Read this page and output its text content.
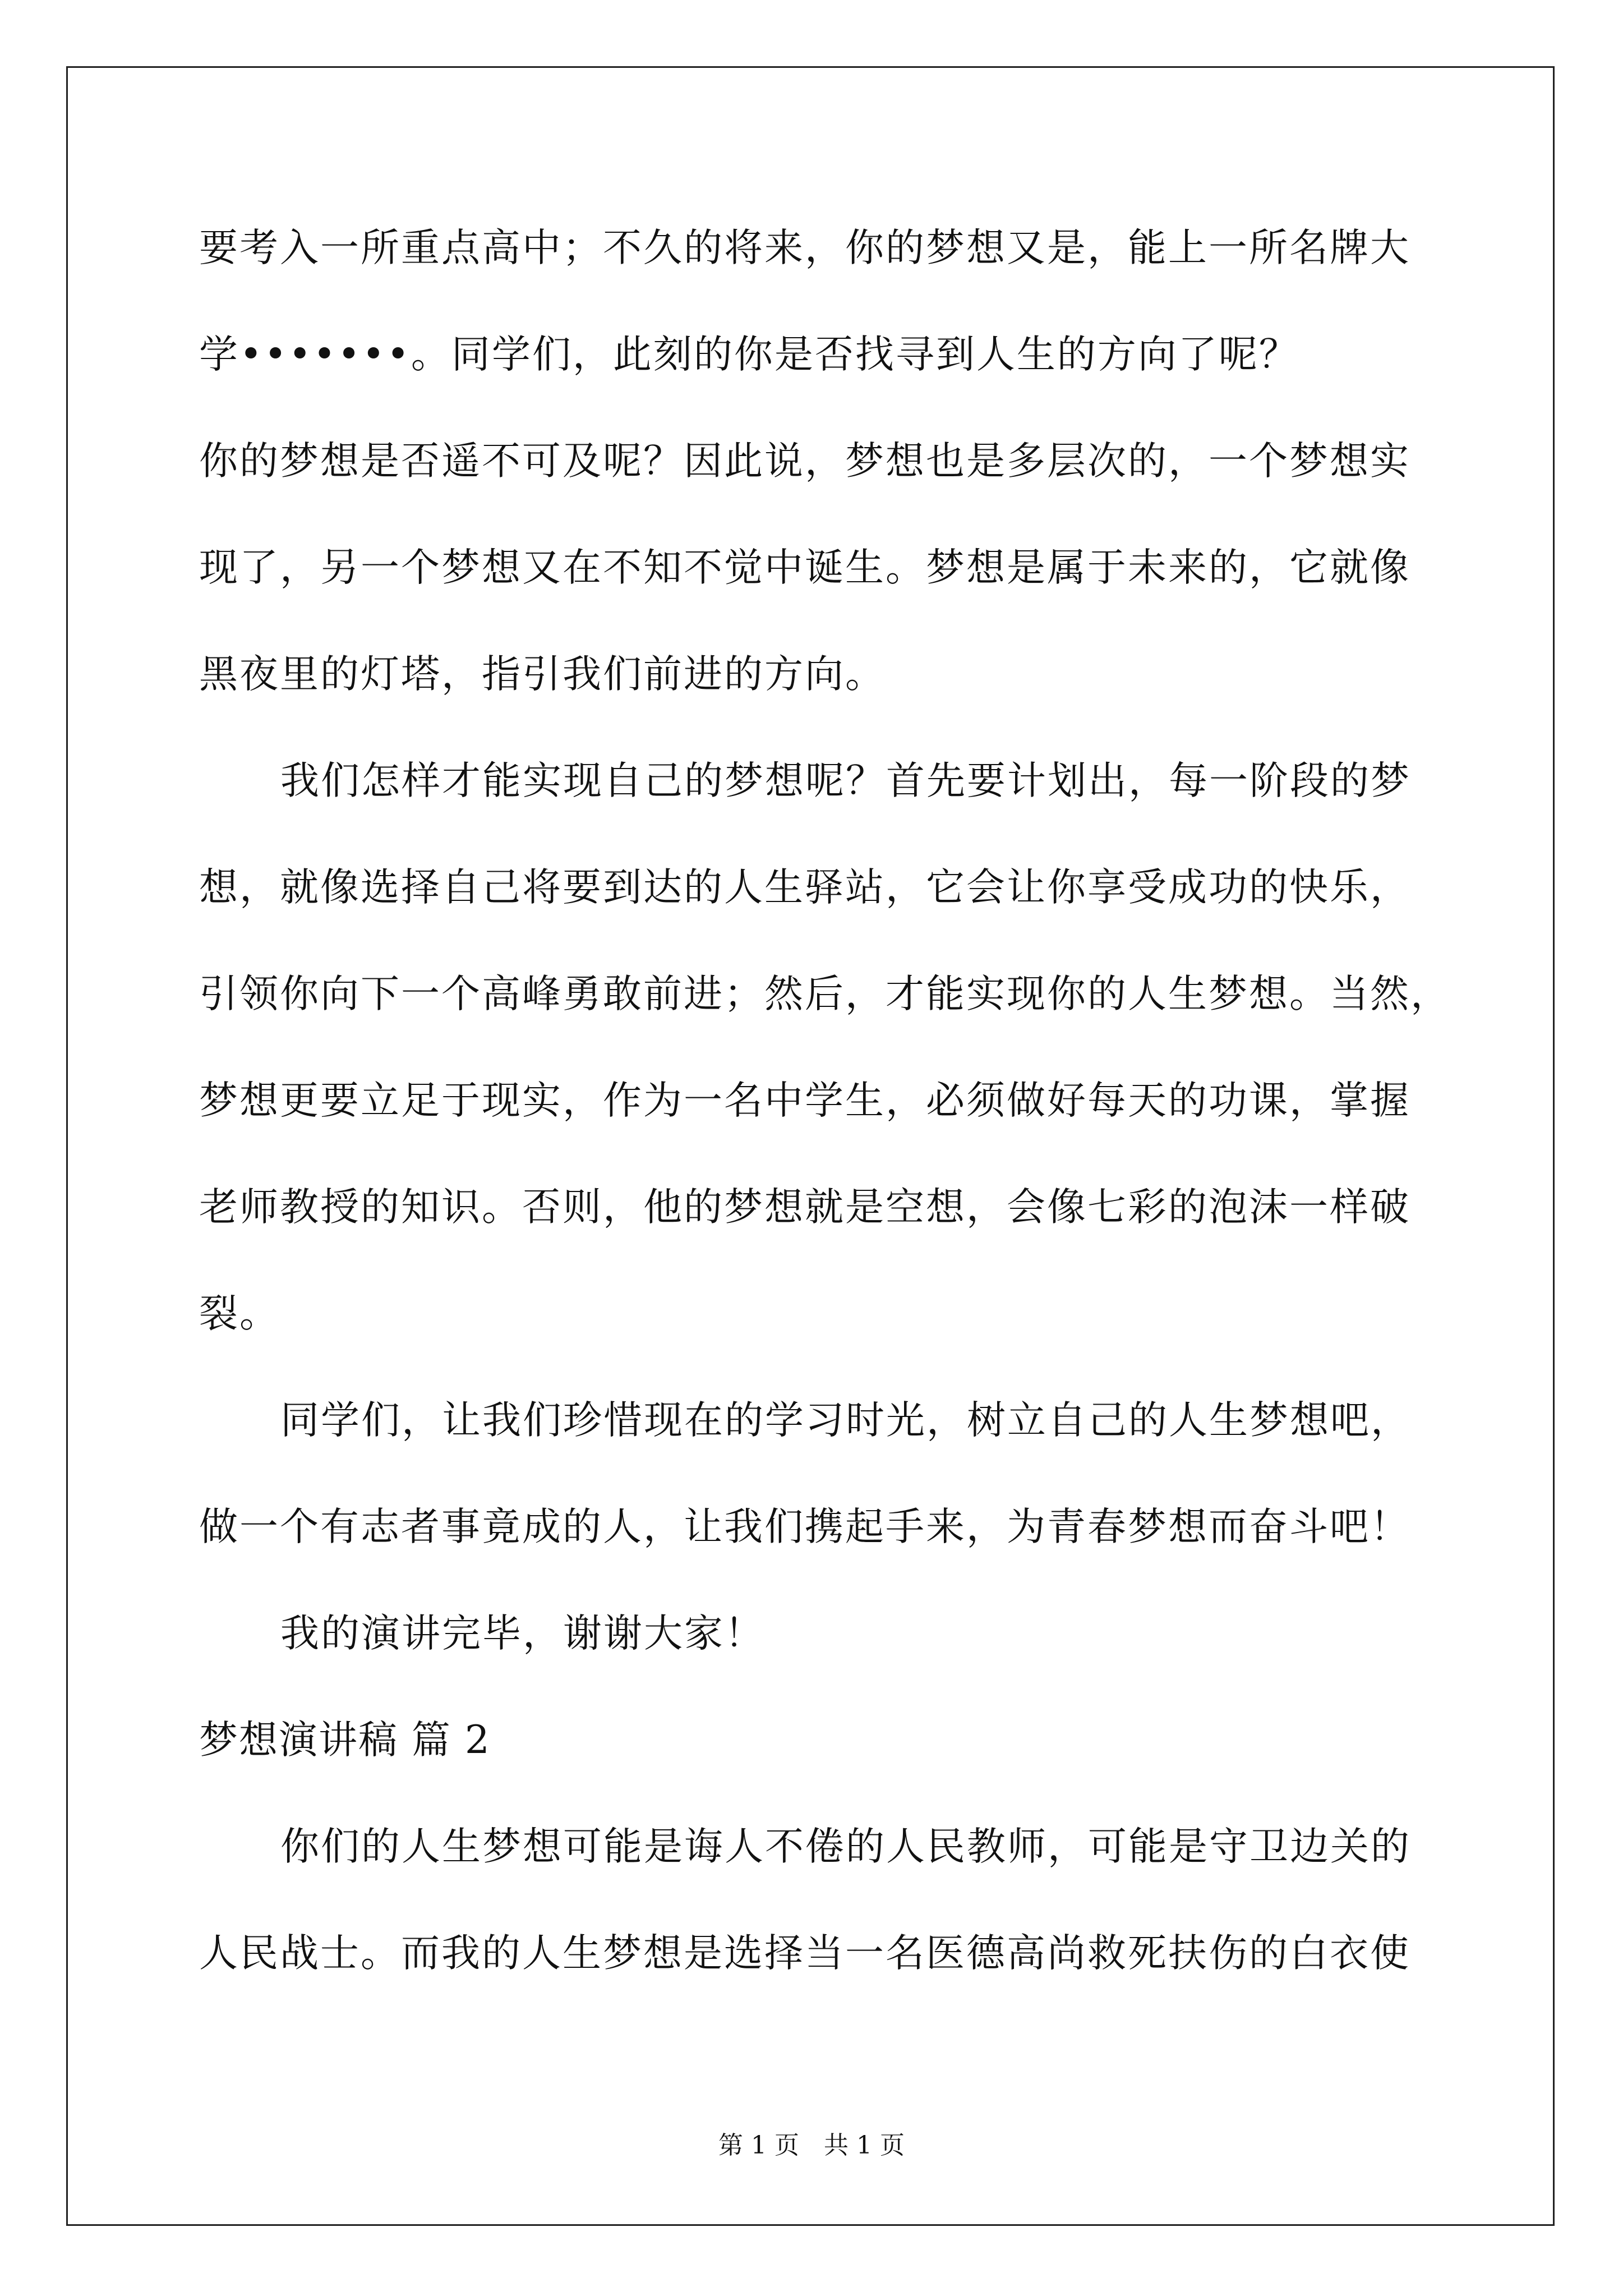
要考入一所重点高中；不久的将来，你的梦想又是，能上一所名牌大
学•••••••。同学们，此刻的你是否找寻到人生的方向了呢？
你的梦想是否遥不可及呢？因此说，梦想也是多层次的，一个梦想实
现了，另一个梦想又在不知不觉中诞生。梦想是属于未来的，它就像
黑夜里的灯塔，指引我们前进的方向。
我们怎样才能实现自己的梦想呢？首先要计划出，每一阶段的梦
想，就像选择自己将要到达的人生驿站，它会让你享受成功的快乐，
引领你向下一个高峰勇敢前进；然后，才能实现你的人生梦想。当然，
梦想更要立足于现实，作为一名中学生，必须做好每天的功课，掌握
老师教授的知识。否则，他的梦想就是空想，会像七彩的泡沫一样破
裂。
同学们，让我们珍惜现在的学习时光，树立自己的人生梦想吧，
做一个有志者事竟成的人，让我们携起手来，为青春梦想而奋斗吧！
我的演讲完毕，谢谢大家！
梦想演讲稿 篇 2
你们的人生梦想可能是诲人不倦的人民教师，可能是守卫边关的
人民战士。而我的人生梦想是选择当一名医德高尚救死扶伤的白衣使
第 1 页　共 1 页
